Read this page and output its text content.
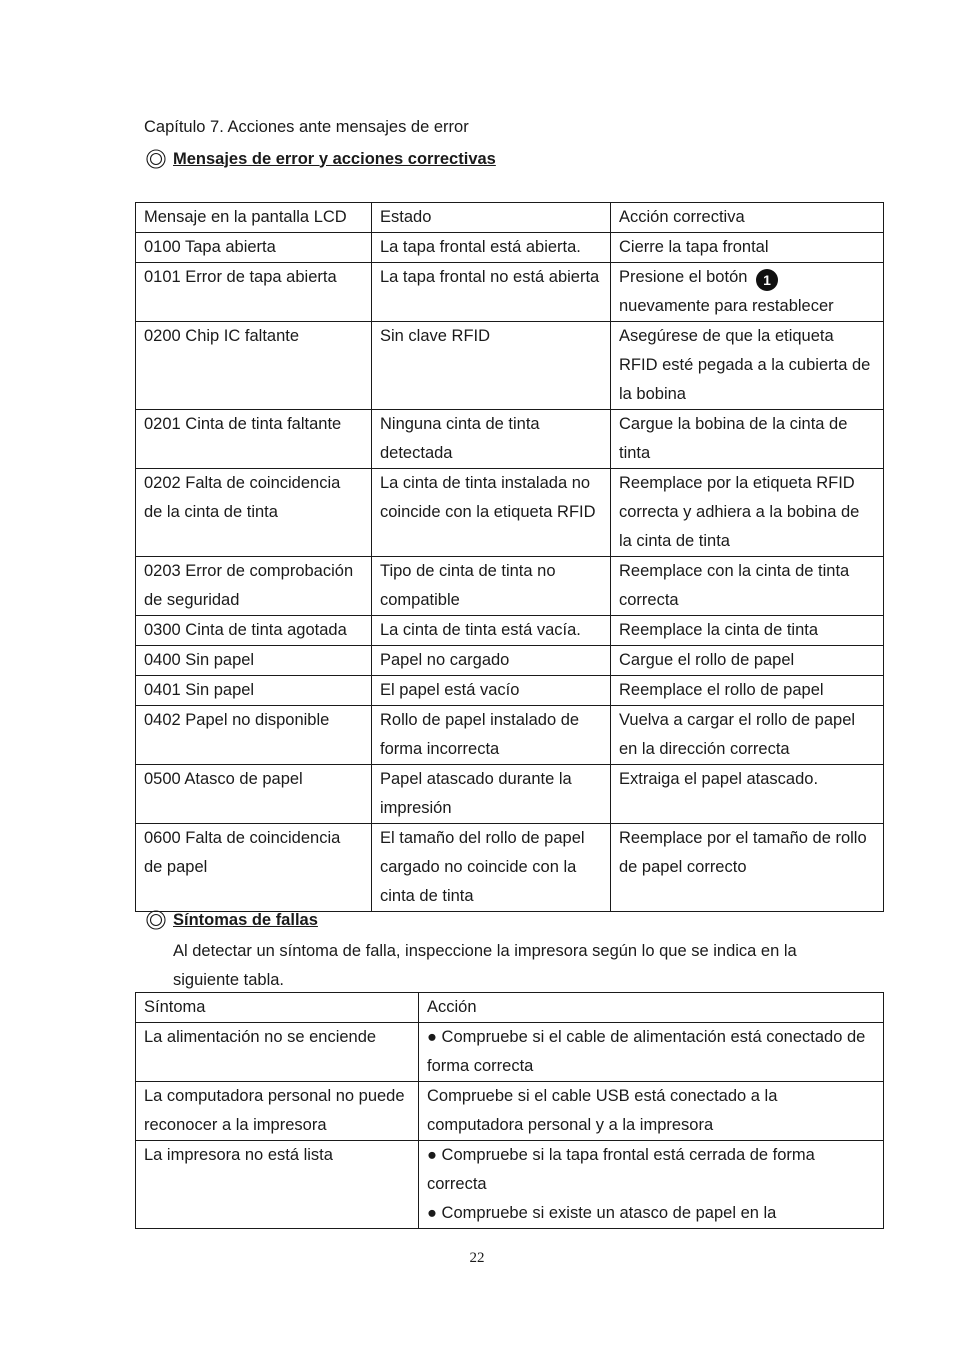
Capítulo 7. Acciones ante mensajes de error
Mensajes de error y acciones correctivas
Mensaje en la pantalla LCD	Estado	Acción correctiva
0100 Tapa abierta	La tapa frontal está abierta.	Cierre la tapa frontal
0101 Error de tapa abierta	La tapa frontal no está abierta	Presione el botón 1
nuevamente para restablecer
0200 Chip IC faltante	Sin clave RFID	Asegúrese de que la etiqueta RFID esté pegada a la cubierta de la bobina
0201 Cinta de tinta faltante	Ninguna cinta de tinta detectada	Cargue la bobina de la cinta de tinta
0202 Falta de coincidencia de la cinta de tinta	La cinta de tinta instalada no coincide con la etiqueta RFID	Reemplace por la etiqueta RFID correcta y adhiera a la bobina de la cinta de tinta
0203 Error de comprobación de seguridad	Tipo de cinta de tinta no compatible	Reemplace con la cinta de tinta correcta
0300 Cinta de tinta agotada	La cinta de tinta está vacía.	Reemplace la cinta de tinta
0400 Sin papel	Papel no cargado	Cargue el rollo de papel
0401 Sin papel	El papel está vacío	Reemplace el rollo de papel
0402 Papel no disponible	Rollo de papel instalado de forma incorrecta	Vuelva a cargar el rollo de papel en la dirección correcta
0500 Atasco de papel	Papel atascado durante la impresión	Extraiga el papel atascado.
0600 Falta de coincidencia de papel	El tamaño del rollo de papel cargado no coincide con la cinta de tinta	Reemplace por el tamaño de rollo de papel correcto
Síntomas de fallas
Al detectar un síntoma de falla, inspeccione la impresora según lo que se indica en la siguiente tabla.
Síntoma	Acción
La alimentación no se enciende	● Compruebe si el cable de alimentación está conectado de forma correcta
La computadora personal no puede reconocer a la impresora	Compruebe si el cable USB está conectado a la computadora personal y a la impresora
La impresora no está lista	● Compruebe si la tapa frontal está cerrada de forma correcta
● Compruebe si existe un atasco de papel en la
22
